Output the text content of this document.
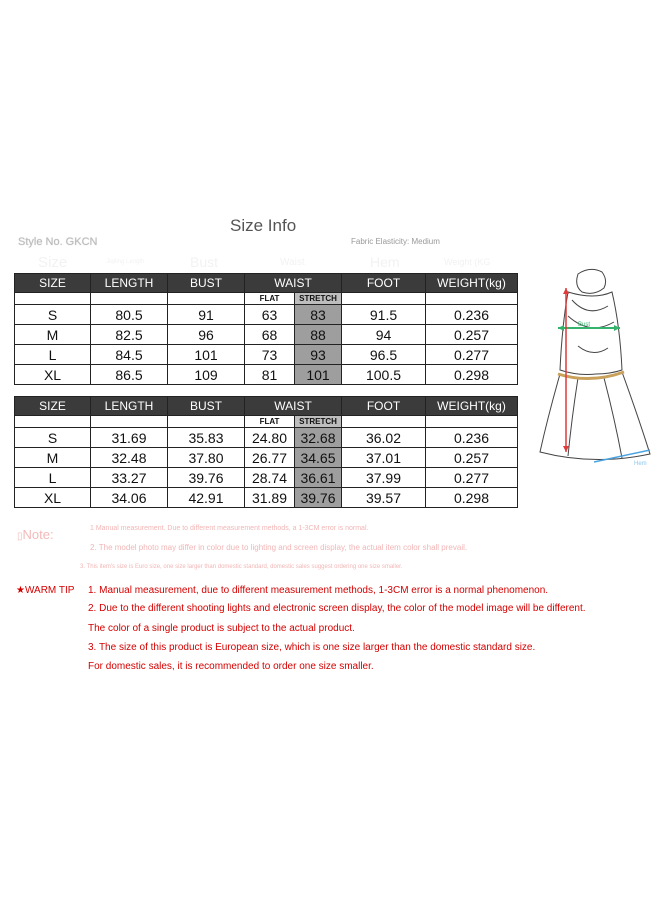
Size Info
Style No. GKCN	Fabric Elasticity: Medium
Size	Jiqiling Length	Bust	Waist	Hem	Weight (KG
SIZE	LENGTH	BUST	WAIST		FOOT	WEIGHT(kg)
			FLAT	STRETCH		
S	80.5	91	63	83	91.5	0.236
M	82.5	96	68	88	94	0.257
L	84.5	101	73	93	96.5	0.277
XL	86.5	109	81	101	100.5	0.298
SIZE	LENGTH	BUST	WAIST		FOOT	WEIGHT(kg)
			FLAT	STRETCH		
S	31.69	35.83	24.80	32.68	36.02	0.236
M	32.48	37.80	26.77	34.65	37.01	0.257
L	33.27	39.76	28.74	36.61	37.99	0.277
XL	34.06	42.91	31.89	39.76	39.57	0.298
▯Note:	1 Manual measurement. Due to different measurement methods, a 1-3CM error is normal.
2. The model photo may differ in color due to lighting and screen display, the actual item color shall prevail.
3. This item's size is Euro size, one size larger than domestic standard, domestic sales suggest ordering one size smaller.
★WARM TIP 1. Manual measurement, due to different measurement methods, 1-3CM error is a normal phenomenon.
2. Due to the different shooting lights and electronic screen display, the color of the model image will be different.
The color of a single product is subject to the actual product.
3. The size of this product is European size, which is one size larger than the domestic standard size.
For domestic sales, it is recommended to order one size smaller.
Bust
Hem
